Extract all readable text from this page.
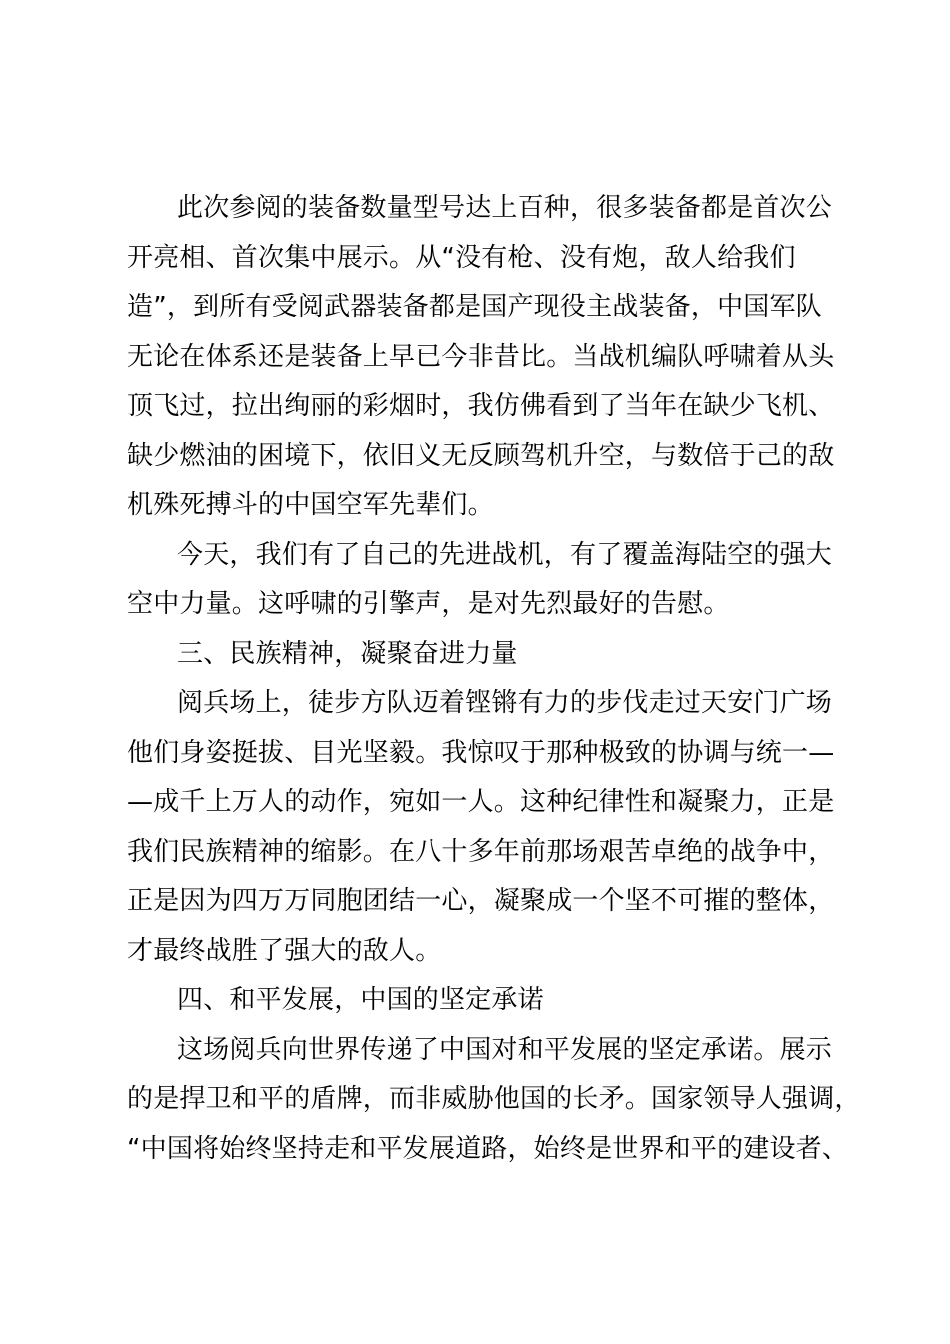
此次参阅的装备数量型号达上百种，很多装备都是首次公
开亮相、首次集中展示。从“没有枪、没有炮，敌人给我们
造”，到所有受阅武器装备都是国产现役主战装备，中国军队
无论在体系还是装备上早已今非昔比。当战机编队呼啸着从头
顶飞过，拉出绚丽的彩烟时，我仿佛看到了当年在缺少飞机、
缺少燃油的困境下，依旧义无反顾驾机升空，与数倍于己的敌
机殊死搏斗的中国空军先辈们。
今天，我们有了自己的先进战机，有了覆盖海陆空的强大
空中力量。这呼啸的引擎声，是对先烈最好的告慰。
三、民族精神，凝聚奋进力量
阅兵场上，徒步方队迈着铿锵有力的步伐走过天安门广场
他们身姿挺拔、目光坚毅。我惊叹于那种极致的协调与统一—
—成千上万人的动作，宛如一人。这种纪律性和凝聚力，正是
我们民族精神的缩影。在八十多年前那场艰苦卓绝的战争中，
正是因为四万万同胞团结一心，凝聚成一个坚不可摧的整体，
才最终战胜了强大的敌人。
四、和平发展，中国的坚定承诺
这场阅兵向世界传递了中国对和平发展的坚定承诺。展示
的是捍卫和平的盾牌，而非威胁他国的长矛。国家领导人强调，
“中国将始终坚持走和平发展道路，始终是世界和平的建设者、
